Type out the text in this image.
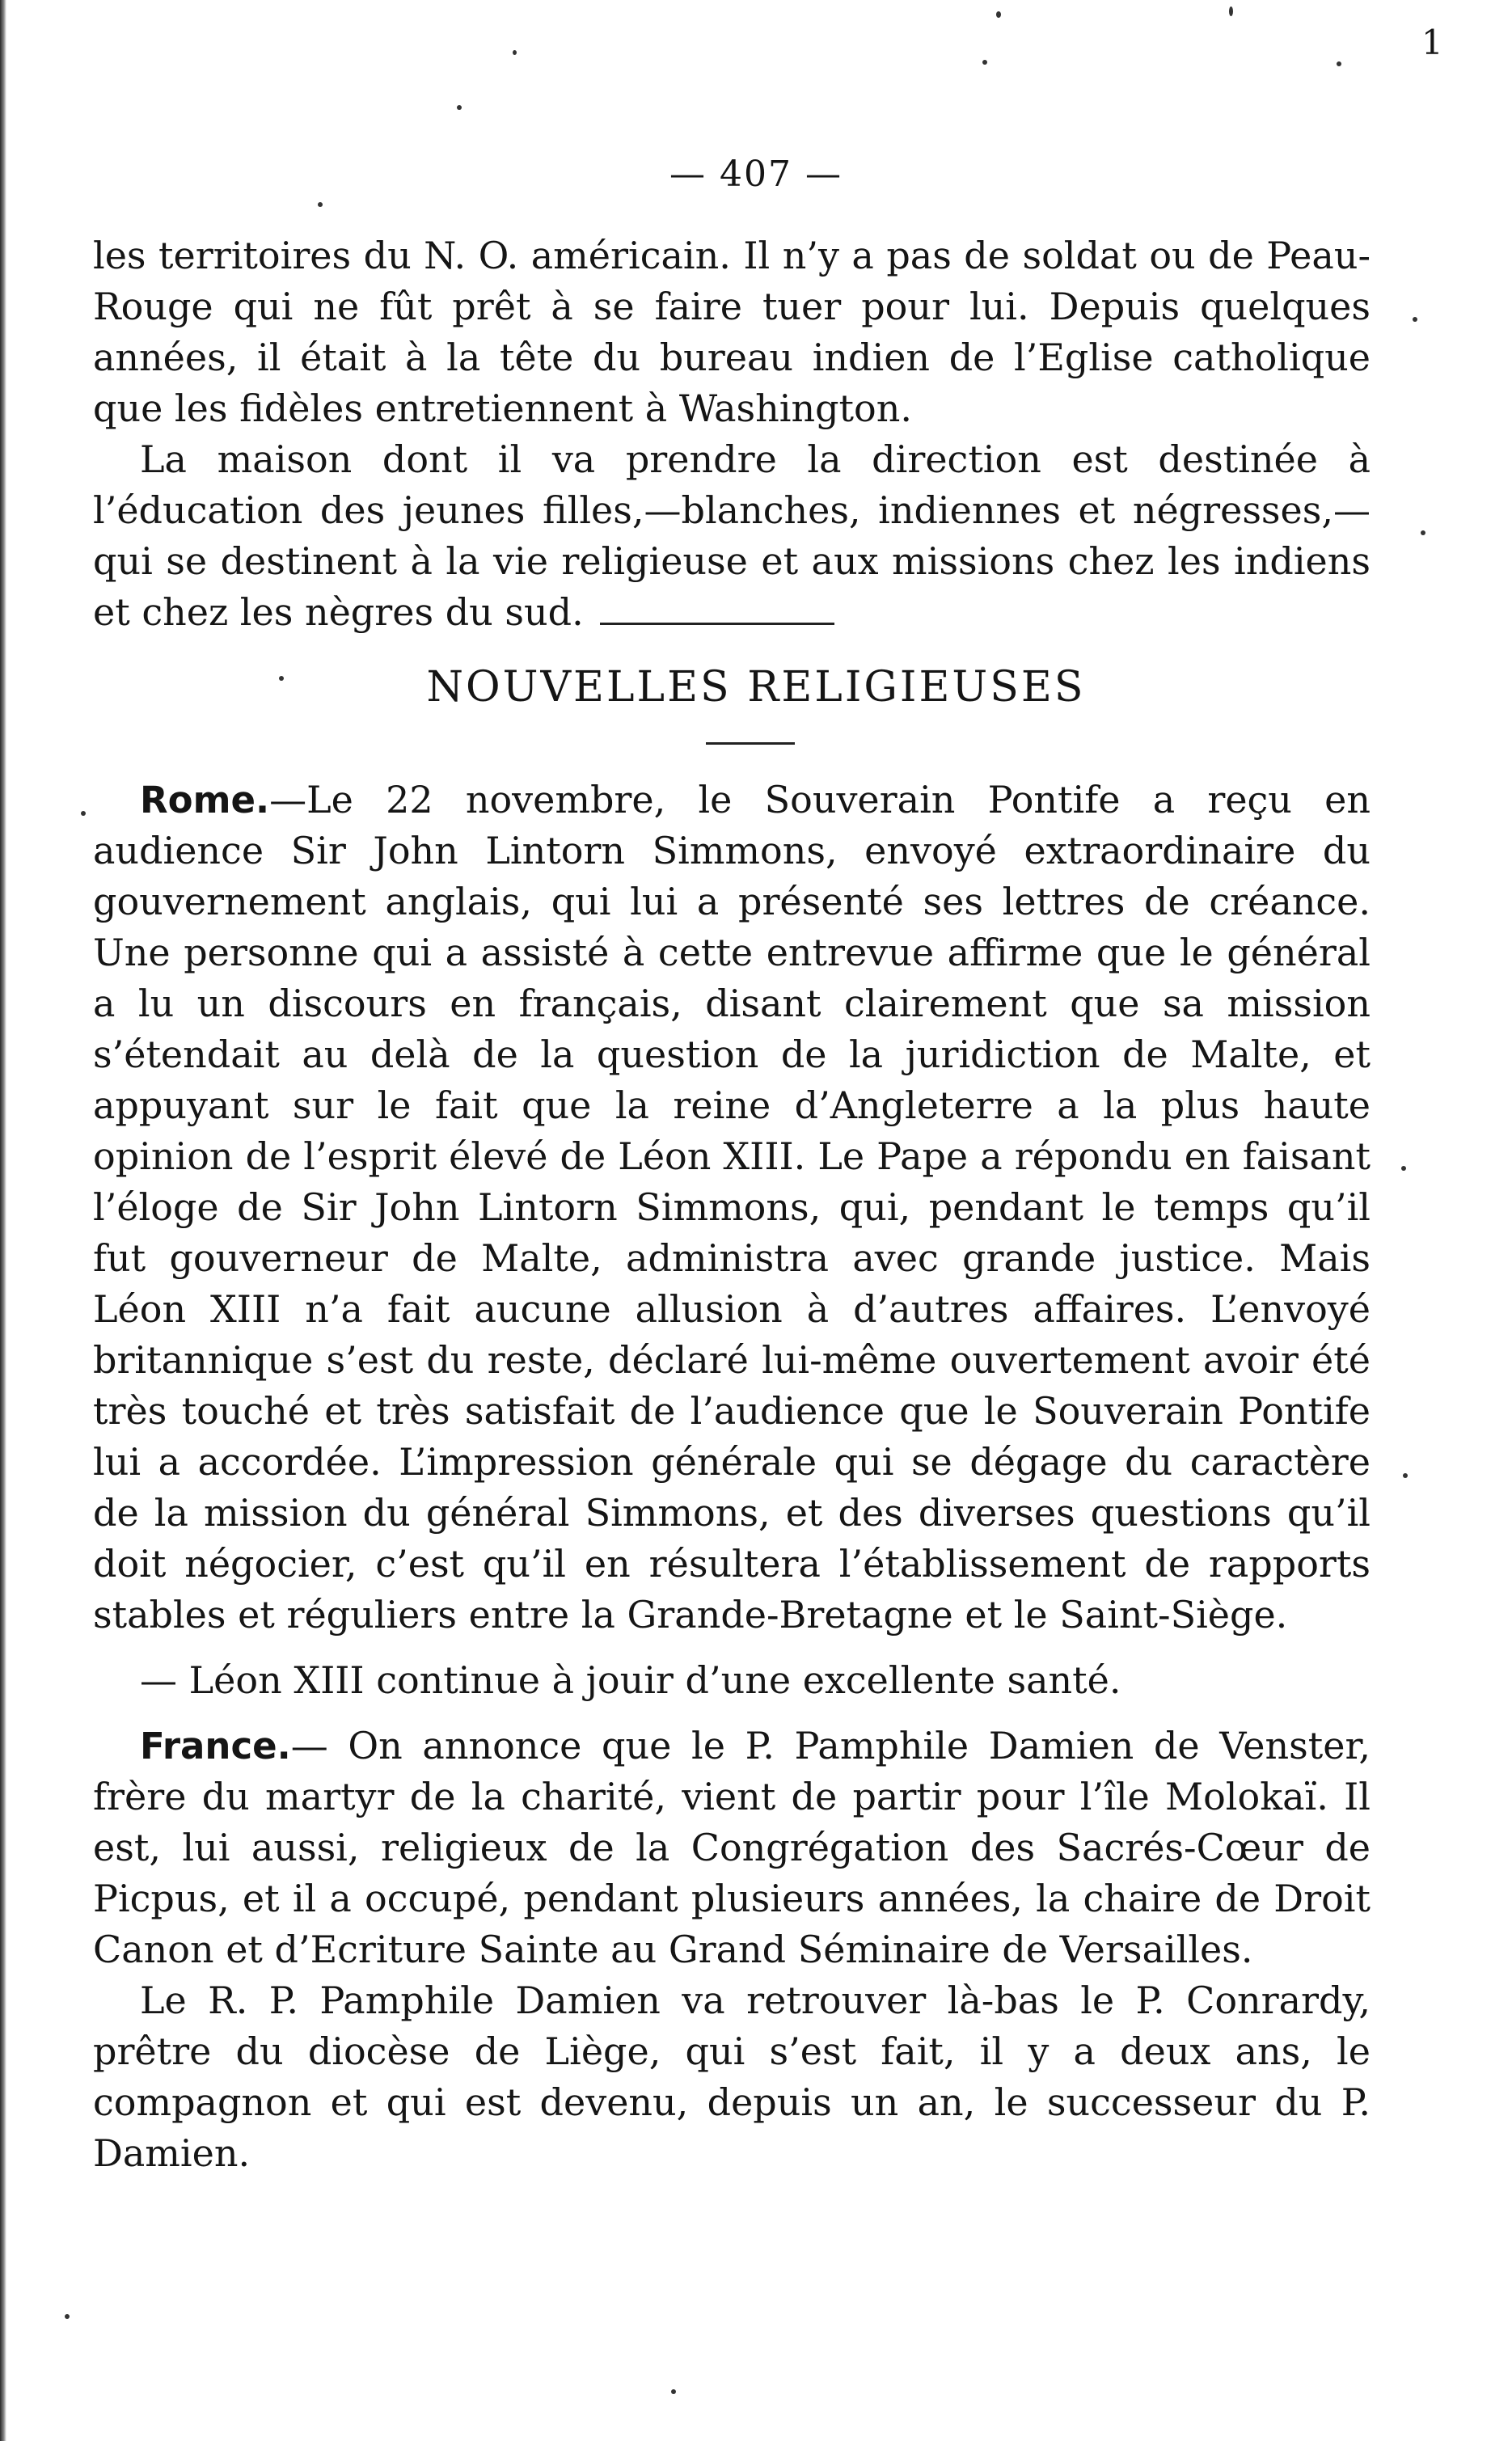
1
— 407 —

les territoires du N. O. américain. Il n’y a pas de soldat ou de Peau-Rouge qui ne fût prêt à se faire tuer pour lui. Depuis quelques années, il était à la tête du bureau indien de l’Eglise catholique que les fidèles entretiennent à Washington.

La maison dont il va prendre la direction est destinée à l’éducation des jeunes filles,—blanches, indiennes et négresses,— qui se destinent à la vie religieuse et aux missions chez les indiens et chez les nègres du sud.

NOUVELLES RELIGIEUSES

Rome.—Le 22 novembre, le Souverain Pontife a reçu en audience Sir John Lintorn Simmons, envoyé extraordinaire du gouvernement anglais, qui lui a présenté ses lettres de créance. Une personne qui a assisté à cette entrevue affirme que le général a lu un discours en français, disant clairement que sa mission s’étendait au delà de la question de la juridiction de Malte, et appuyant sur le fait que la reine d’Angleterre a la plus haute opinion de l’esprit élevé de Léon XIII. Le Pape a répondu en faisant l’éloge de Sir John Lintorn Simmons, qui, pendant le temps qu’il fut gouverneur de Malte, administra avec grande justice. Mais Léon XIII n’a fait aucune allusion à d’autres affaires. L’envoyé britannique s’est du reste, déclaré lui-même ouvertement avoir été très touché et très satisfait de l’audience que le Souverain Pontife lui a accordée. L’impression générale qui se dégage du caractère de la mission du général Simmons, et des diverses questions qu’il doit négocier, c’est qu’il en résultera l’établissement de rapports stables et réguliers entre la Grande-Bretagne et le Saint-Siège.

— Léon XIII continue à jouir d’une excellente santé.

France.— On annonce que le P. Pamphile Damien de Venster, frère du martyr de la charité, vient de partir pour l’île Molokaï. Il est, lui aussi, religieux de la Congrégation des Sacrés-Cœur de Picpus, et il a occupé, pendant plusieurs années, la chaire de Droit Canon et d’Ecriture Sainte au Grand Séminaire de Versailles.

Le R. P. Pamphile Damien va retrouver là-bas le P. Conrardy, prêtre du diocèse de Liège, qui s’est fait, il y a deux ans, le compagnon et qui est devenu, depuis un an, le successeur du P. Damien.
